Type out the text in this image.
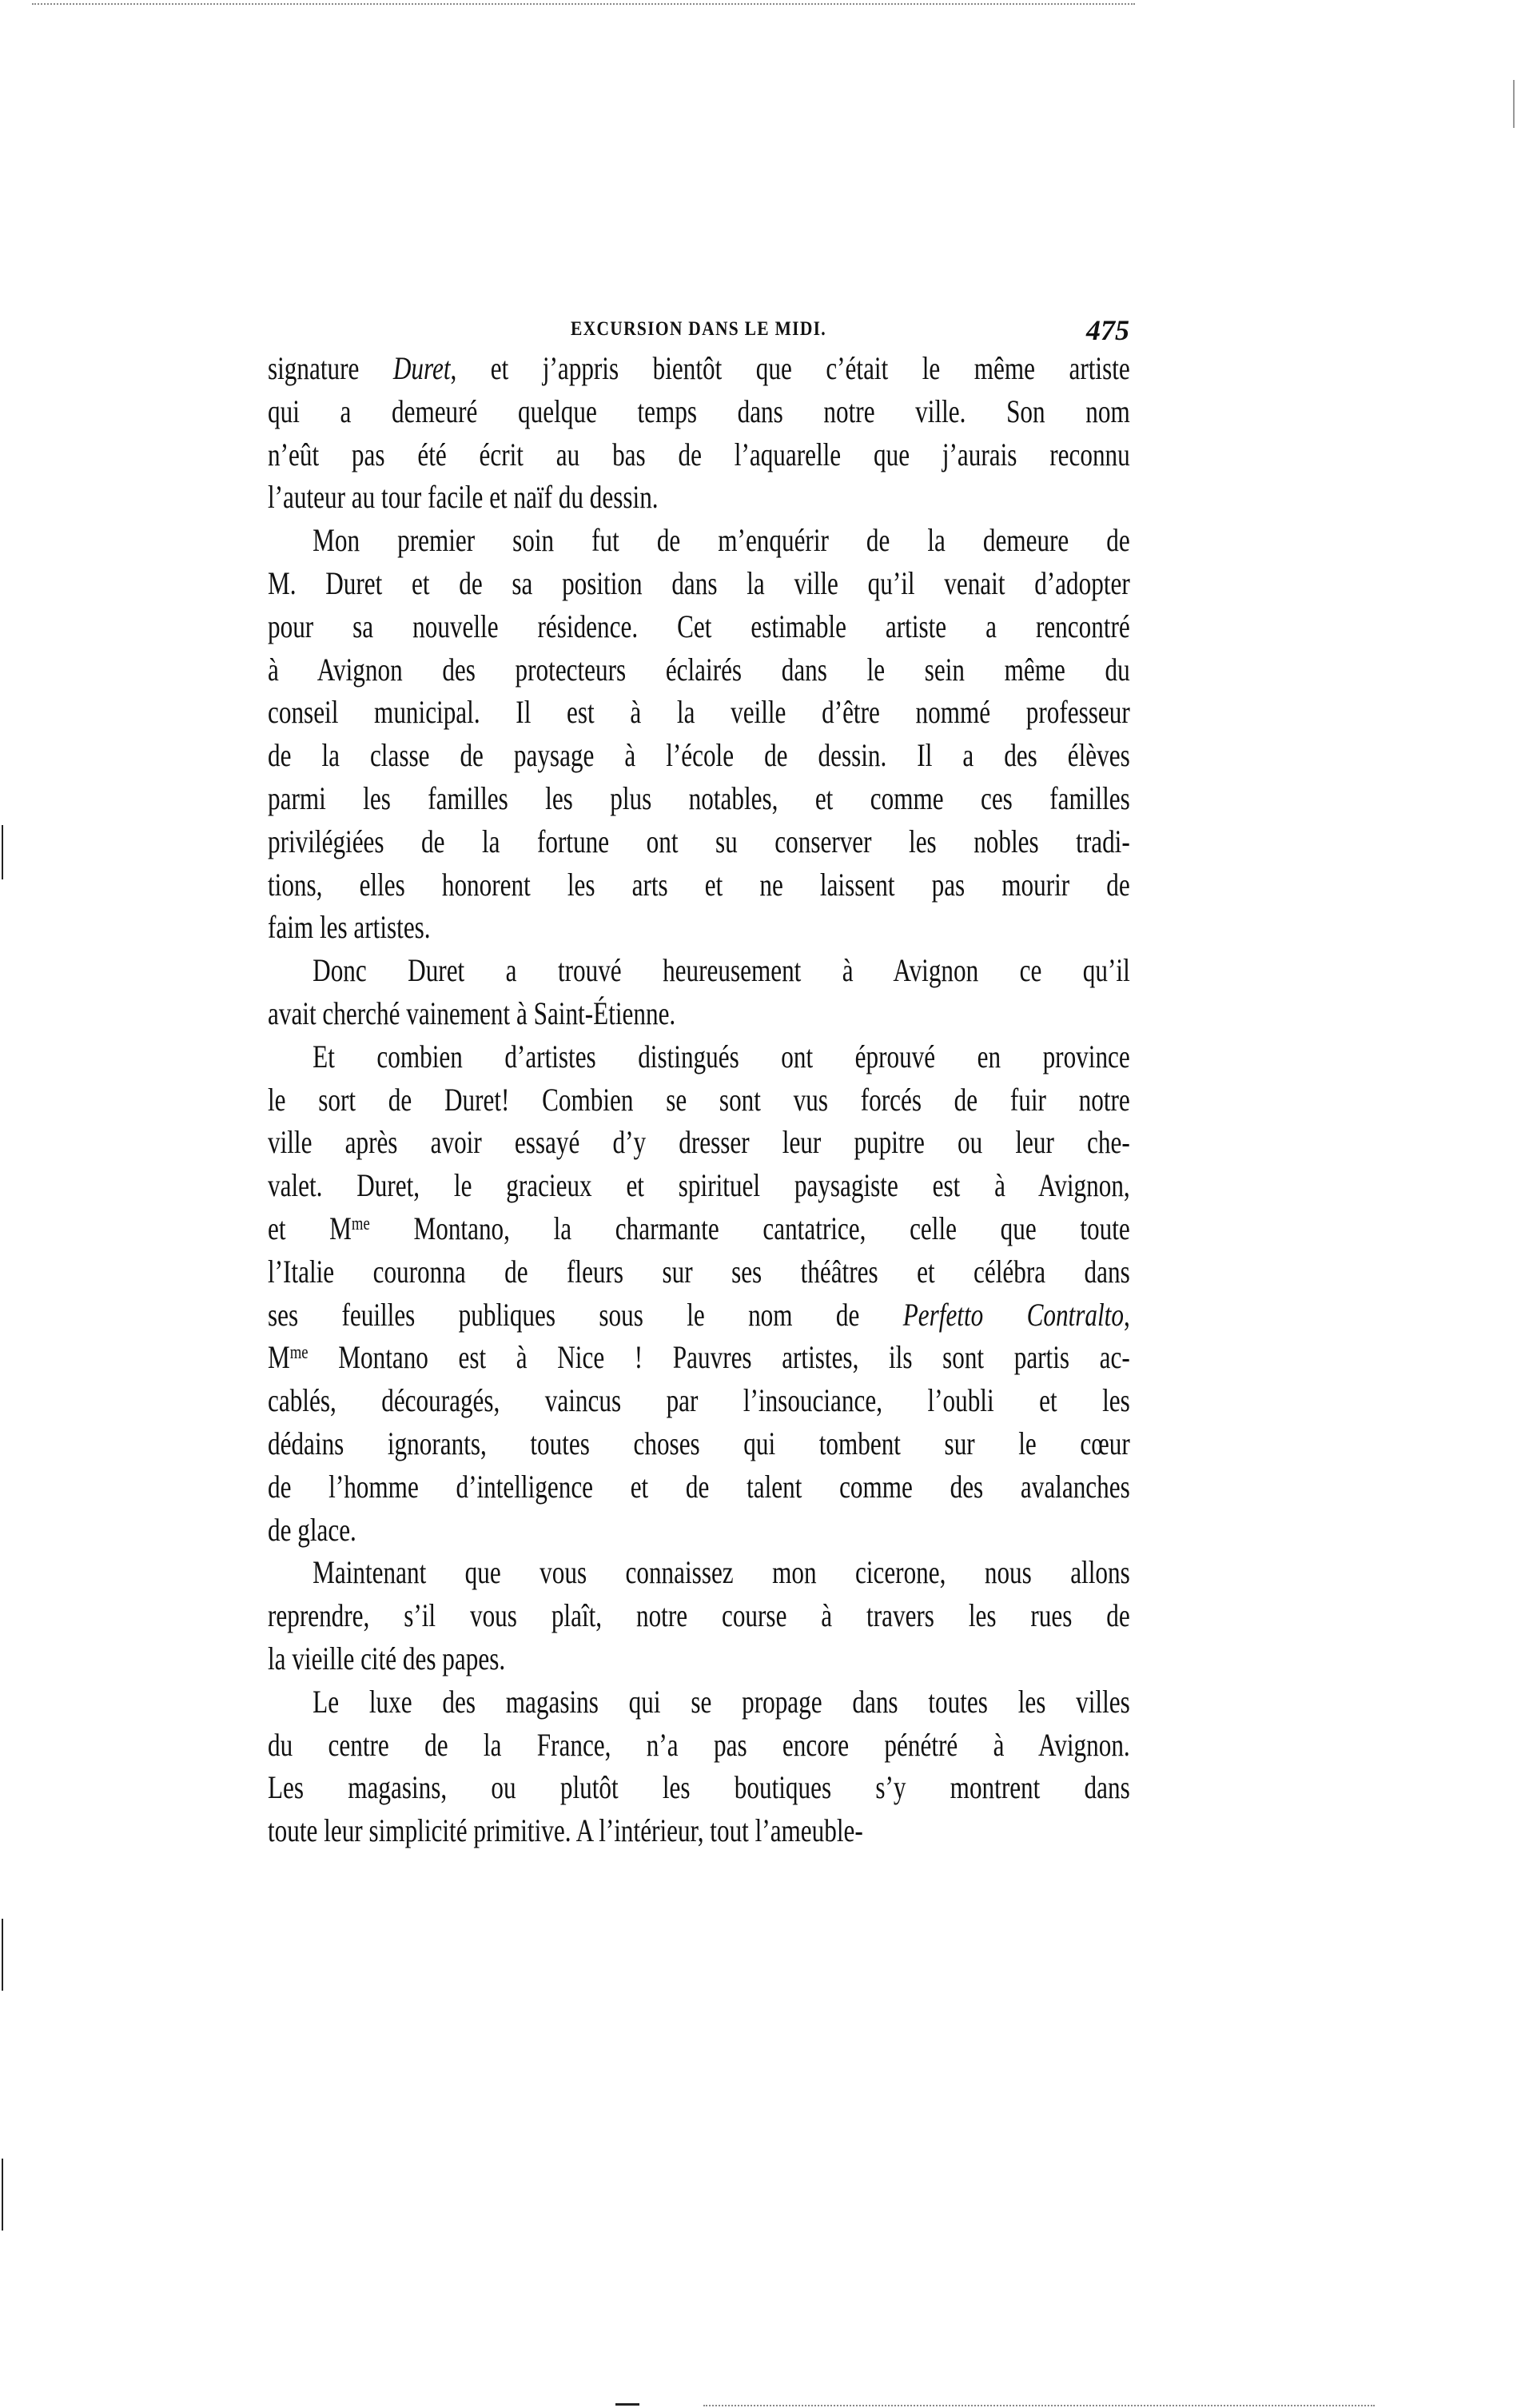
EXCURSION DANS LE MIDI.	475
signature Duret, et j’appris bientôt que c’était le même artiste
qui a demeuré quelque temps dans notre ville. Son nom
n’eût pas été écrit au bas de l’aquarelle que j’aurais reconnu
l’auteur au tour facile et naïf du dessin.
Mon premier soin fut de m’enquérir de la demeure de
M. Duret et de sa position dans la ville qu’il venait d’adopter
pour sa nouvelle résidence. Cet estimable artiste a rencontré
à Avignon des protecteurs éclairés dans le sein même du
conseil municipal. Il est à la veille d’être nommé professeur
de la classe de paysage à l’école de dessin. Il a des élèves
parmi les familles les plus notables, et comme ces familles
privilégiées de la fortune ont su conserver les nobles tradi-
tions, elles honorent les arts et ne laissent pas mourir de
faim les artistes.
Donc Duret a trouvé heureusement à Avignon ce qu’il
avait cherché vainement à Saint-Étienne.
Et combien d’artistes distingués ont éprouvé en province
le sort de Duret! Combien se sont vus forcés de fuir notre
ville après avoir essayé d’y dresser leur pupitre ou leur che-
valet. Duret, le gracieux et spirituel paysagiste est à Avignon,
et $M^{me}$ Montano, la charmante cantatrice, celle que toute
l’Italie couronna de fleurs sur ses théâtres et célébra dans
ses feuilles publiques sous le nom de Perfetto Contralto,
$M^{me}$ Montano est à Nice ! Pauvres artistes, ils sont partis ac-
cablés, découragés, vaincus par l’insouciance, l’oubli et les
dédains ignorants, toutes choses qui tombent sur le cœur
de l’homme d’intelligence et de talent comme des avalanches
de glace.
Maintenant que vous connaissez mon cicerone, nous allons
reprendre, s’il vous plaît, notre course à travers les rues de
la vieille cité des papes.
Le luxe des magasins qui se propage dans toutes les villes
du centre de la France, n’a pas encore pénétré à Avignon.
Les magasins, ou plutôt les boutiques s’y montrent dans
toute leur simplicité primitive. A l’intérieur, tout l’ameuble-
